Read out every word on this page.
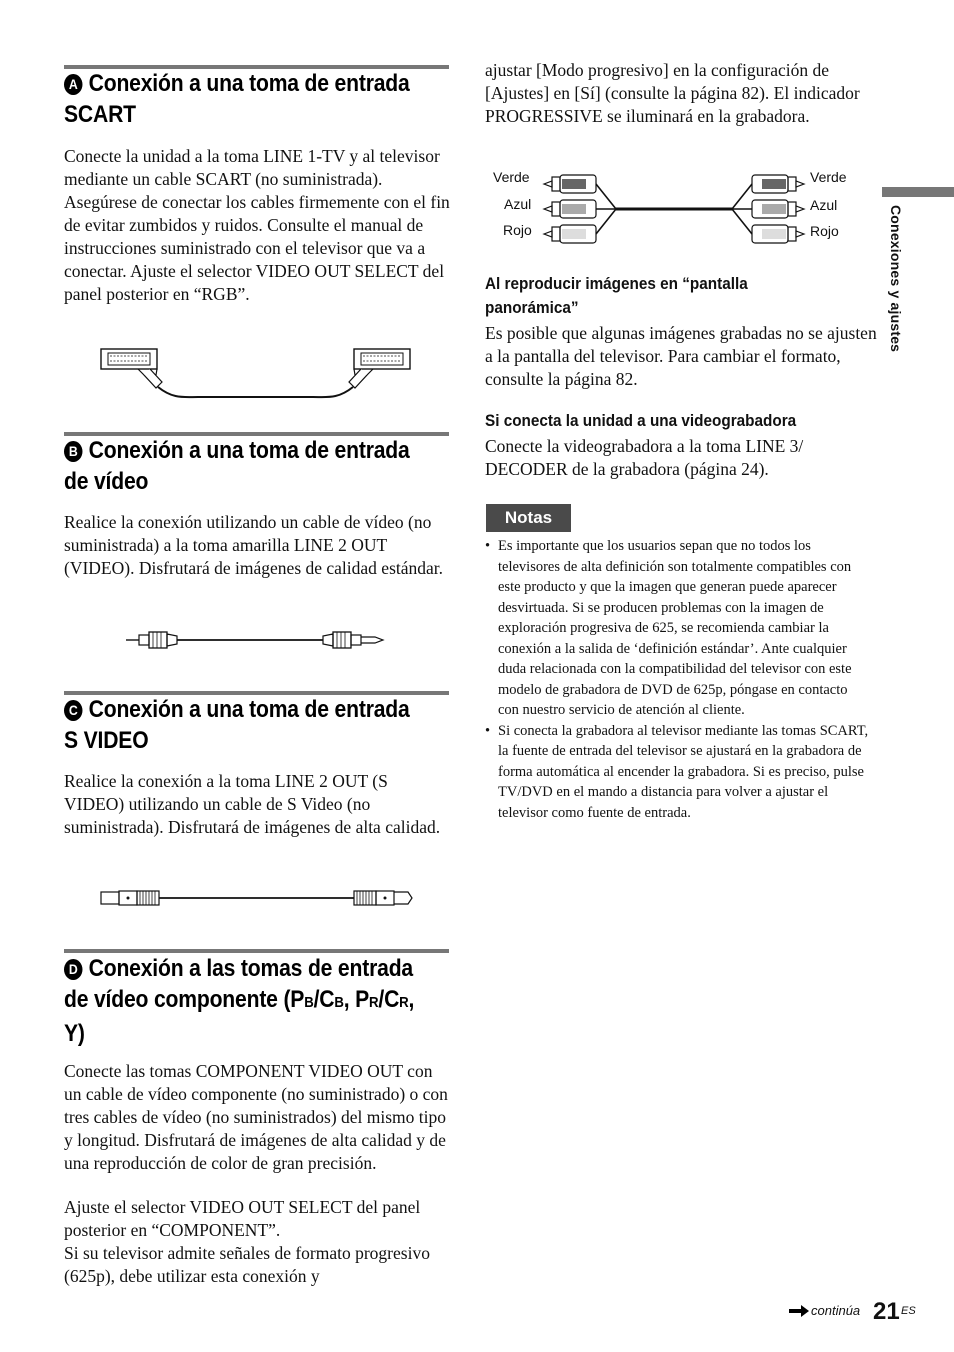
A Conexión a una toma de entrada
SCART

Conecte la unidad a la toma LINE 1-TV y al televisor mediante un cable SCART (no suministrada). Asegúrese de conectar los cables firmemente con el fin de evitar zumbidos y ruidos. Consulte el manual de instrucciones suministrado con el televisor que va a conectar. Ajuste el selector VIDEO OUT SELECT del panel posterior en “RGB”.

B Conexión a una toma de entrada
de vídeo

Realice la conexión utilizando un cable de vídeo (no suministrada) a la toma amarilla LINE 2 OUT (VIDEO). Disfrutará de imágenes de calidad estándar.

C Conexión a una toma de entrada
S VIDEO

Realice la conexión a la toma LINE 2 OUT (S VIDEO) utilizando un cable de S Video (no suministrada). Disfrutará de imágenes de alta calidad.

D Conexión a las tomas de entrada
de vídeo componente (PB/CB, PR/CR,
Y)

Conecte las tomas COMPONENT VIDEO OUT con un cable de vídeo componente (no suministrado) o con tres cables de vídeo (no suministrados) del mismo tipo y longitud. Disfrutará de imágenes de alta calidad y de una reproducción de color de gran precisión.

Ajuste el selector VIDEO OUT SELECT del panel posterior en “COMPONENT”.

Si su televisor admite señales de formato progresivo (625p), debe utilizar esta conexión y

ajustar [Modo progresivo] en la configuración de [Ajustes] en [Sí] (consulte la página 82). El indicador PROGRESSIVE se iluminará en la grabadora.

Verde
Azul
Rojo
Verde
Azul
Rojo
Al reproducir imágenes en “pantalla panorámica”

Es posible que algunas imágenes grabadas no se ajusten a la pantalla del televisor. Para cambiar el formato, consulte la página 82.

Si conecta la unidad a una videograbadora

Conecte la videograbadora a la toma LINE 3/ DECODER de la grabadora (página 24).

Notas
• Es importante que los usuarios sepan que no todos los televisores de alta definición son totalmente compatibles con este producto y que la imagen que generan puede aparecer desvirtuada. Si se producen problemas con la imagen de exploración progresiva de 625, se recomienda cambiar la conexión a la salida de ‘definición estándar’. Ante cualquier duda relacionada con la compatibilidad del televisor con este modelo de grabadora de DVD de 625p, póngase en contacto con nuestro servicio de atención al cliente.
• Si conecta la grabadora al televisor mediante las tomas SCART, la fuente de entrada del televisor se ajustará en la grabadora de forma automática al encender la grabadora. Si es preciso, pulse TV/DVD en el mando a distancia para volver a ajustar el televisor como fuente de entrada.
Conexiones y ajustes
continúa 21 ES
